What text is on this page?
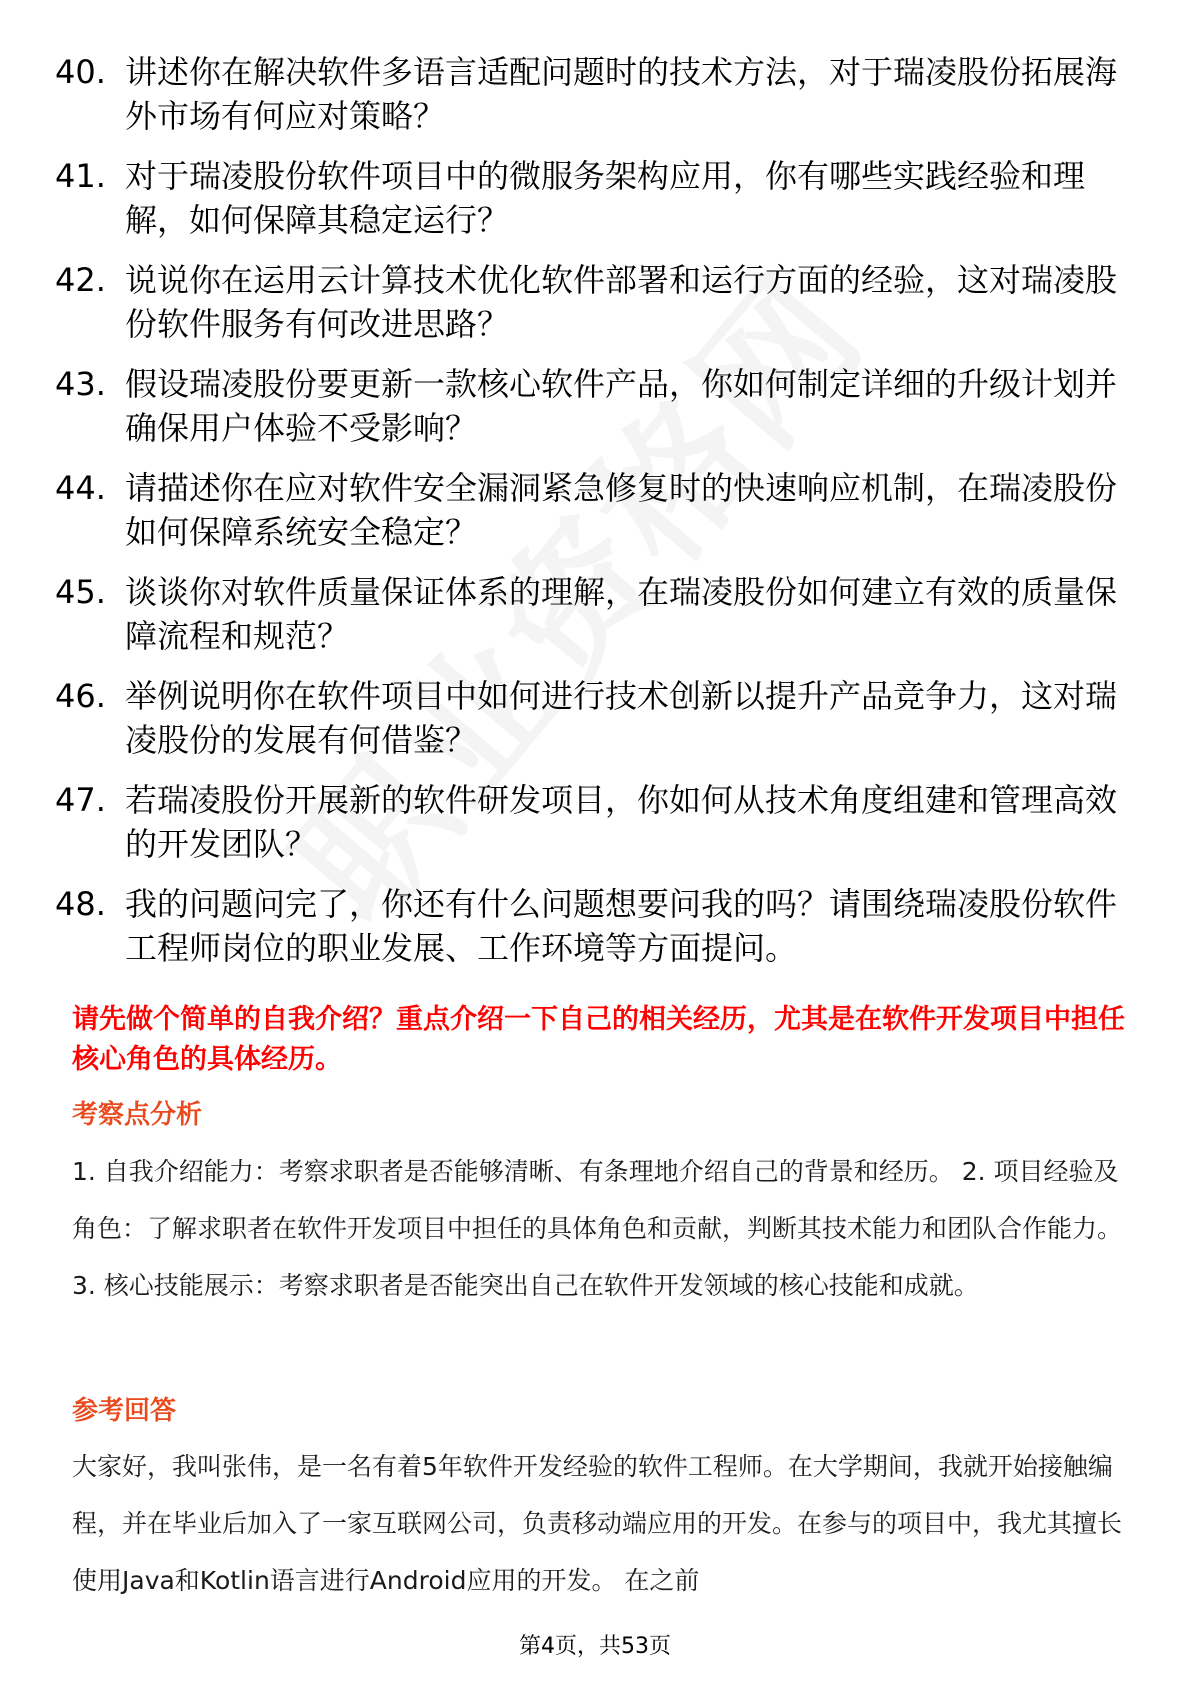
40. 讲述你在解决软件多语言适配问题时的技术方法，对于瑞凌股份拓展海外市场有何应对策略？
41. 对于瑞凌股份软件项目中的微服务架构应用，你有哪些实践经验和理解，如何保障其稳定运行？
42. 说说你在运用云计算技术优化软件部署和运行方面的经验，这对瑞凌股份软件服务有何改进思路？
43. 假设瑞凌股份要更新一款核心软件产品，你如何制定详细的升级计划并确保用户体验不受影响？
44. 请描述你在应对软件安全漏洞紧急修复时的快速响应机制，在瑞凌股份如何保障系统安全稳定？
45. 谈谈你对软件质量保证体系的理解，在瑞凌股份如何建立有效的质量保障流程和规范？
46. 举例说明你在软件项目中如何进行技术创新以提升产品竞争力，这对瑞凌股份的发展有何借鉴？
47. 若瑞凌股份开展新的软件研发项目，你如何从技术角度组建和管理高效的开发团队？
48. 我的问题问完了，你还有什么问题想要问我的吗？请围绕瑞凌股份软件工程师岗位的职业发展、工作环境等方面提问。
请先做个简单的自我介绍？重点介绍一下自己的相关经历，尤其是在软件开发项目中担任核心角色的具体经历。
考察点分析
1. 自我介绍能力：考察求职者是否能够清晰、有条理地介绍自己的背景和经历。 2. 项目经验及角色：了解求职者在软件开发项目中担任的具体角色和贡献，判断其技术能力和团队合作能力。 3. 核心技能展示：考察求职者是否能突出自己在软件开发领域的核心技能和成就。
参考回答
大家好，我叫张伟，是一名有着5年软件开发经验的软件工程师。在大学期间，我就开始接触编程，并在毕业后加入了一家互联网公司，负责移动端应用的开发。在参与的项目中，我尤其擅长使用Java和Kotlin语言进行Android应用的开发。 在之前
第4页，共53页
